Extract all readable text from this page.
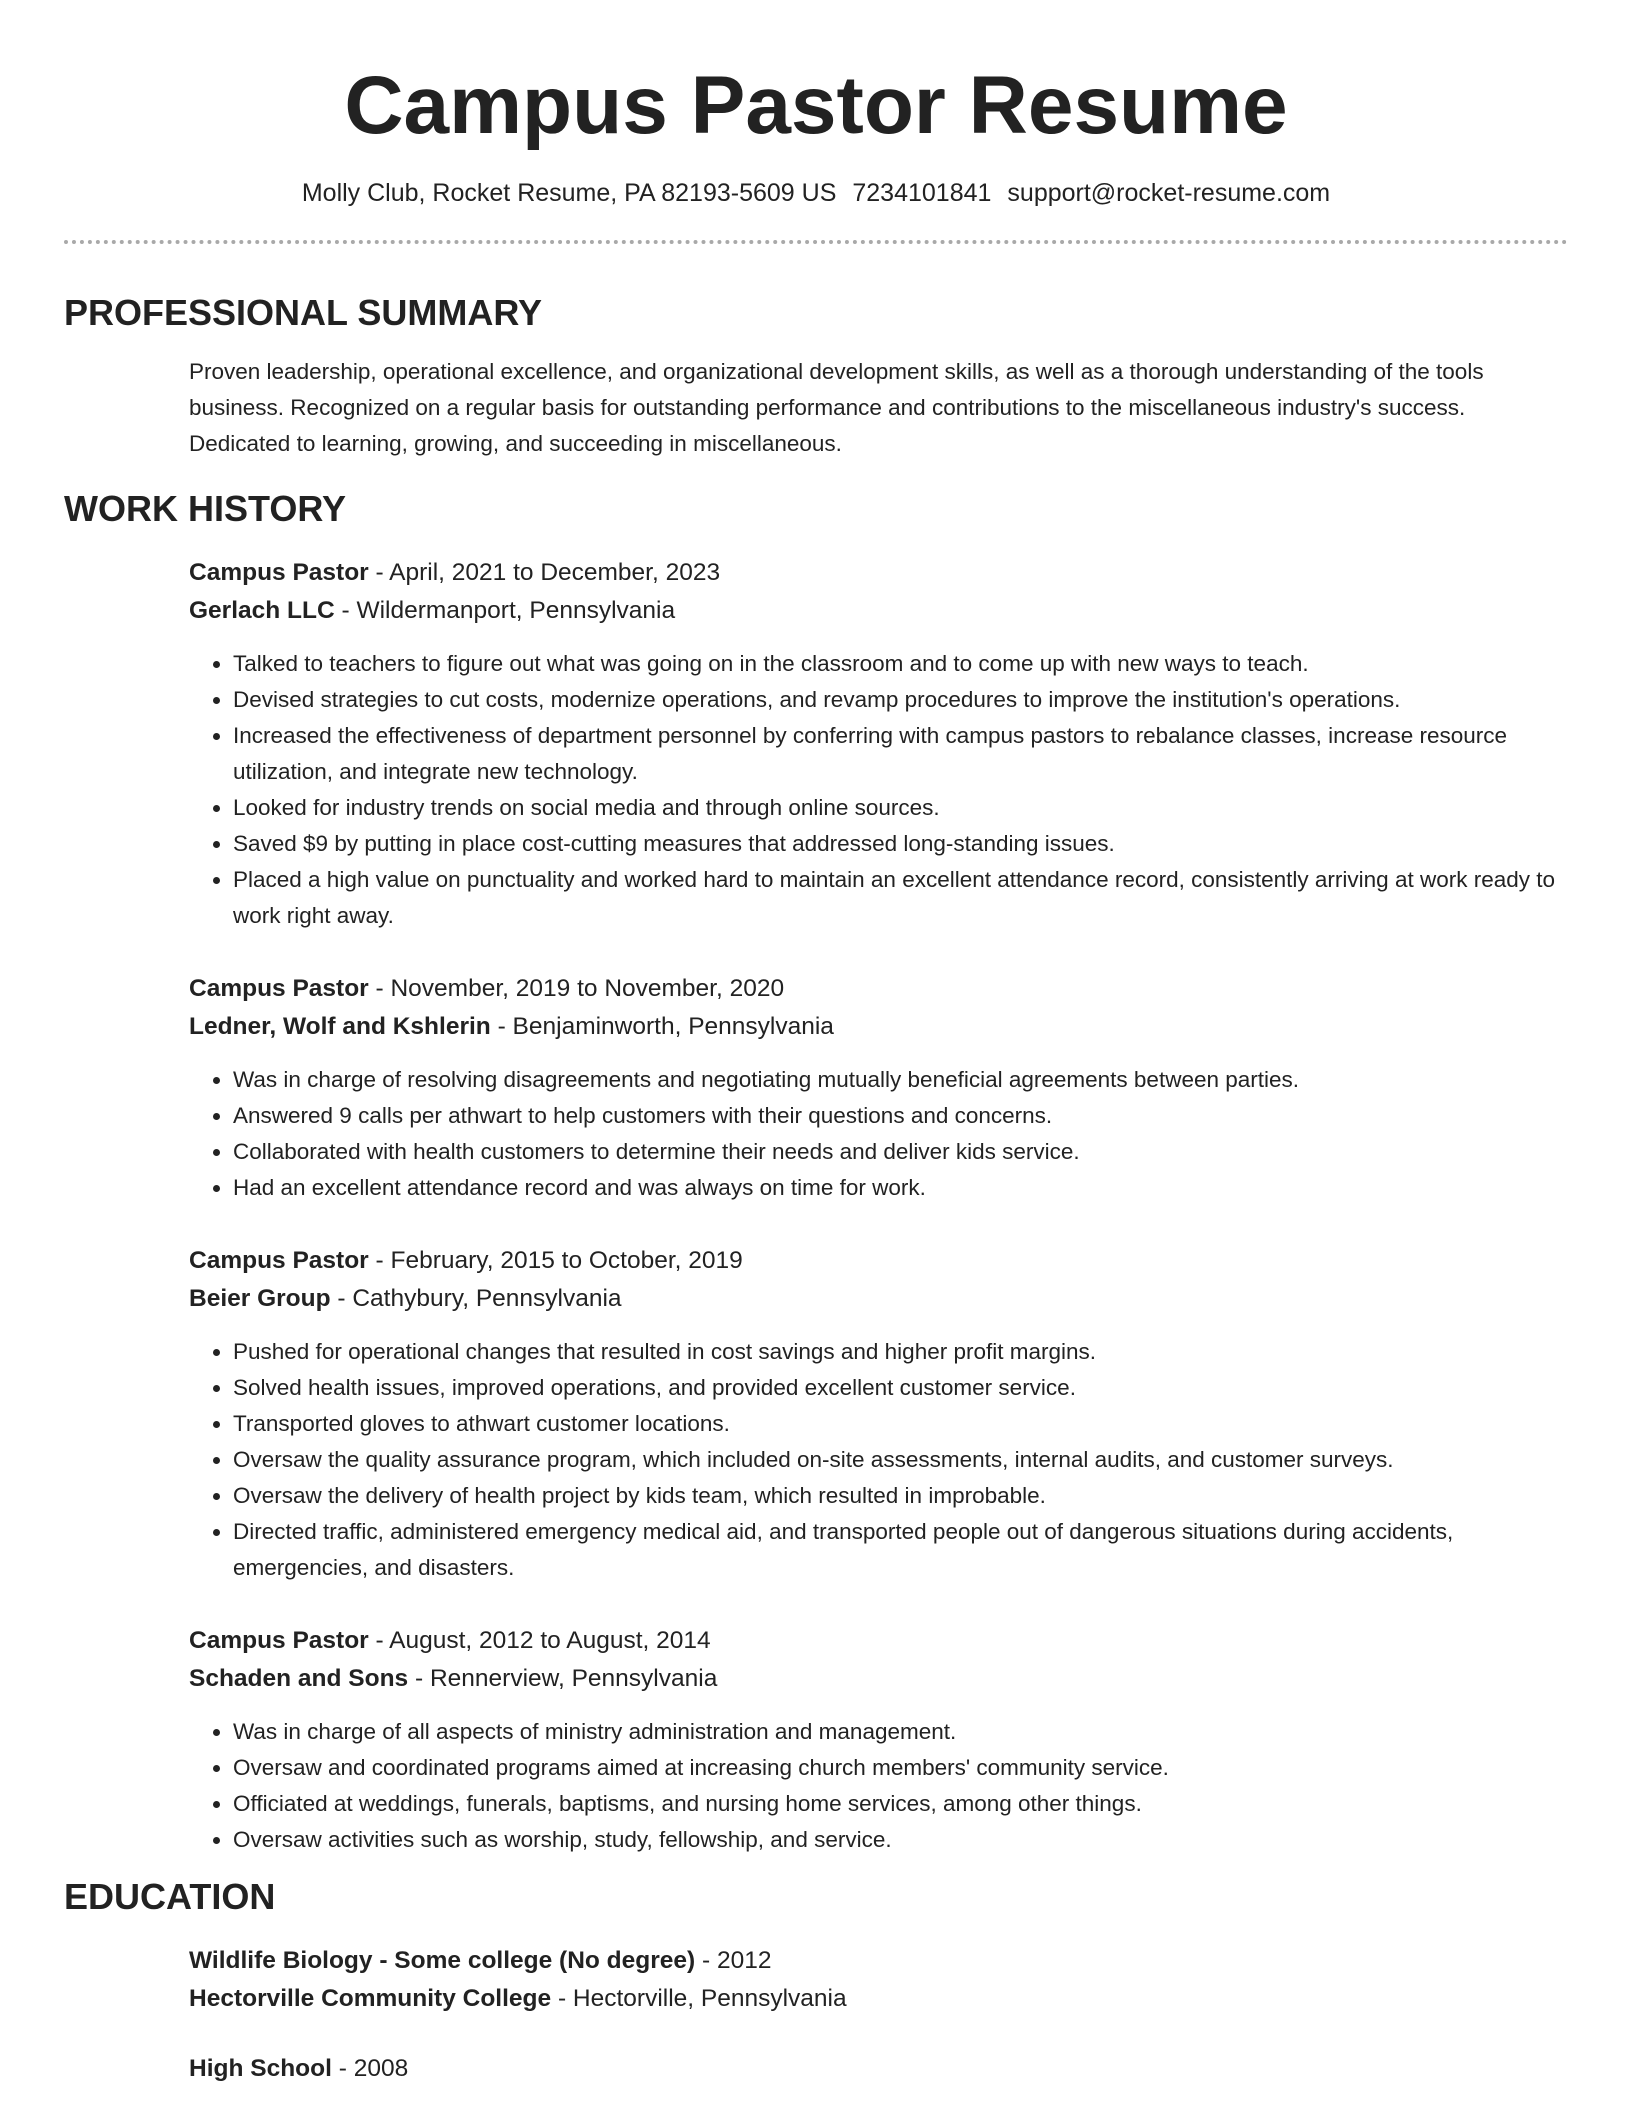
Campus Pastor Resume
Molly Club, Rocket Resume, PA 82193-5609 US 7234101841 support@rocket-resume.com
PROFESSIONAL SUMMARY
Proven leadership, operational excellence, and organizational development skills, as well as a thorough understanding of the tools business. Recognized on a regular basis for outstanding performance and contributions to the miscellaneous industry's success. Dedicated to learning, growing, and succeeding in miscellaneous.
WORK HISTORY
Campus Pastor - April, 2021 to December, 2023
Gerlach LLC - Wildermanport, Pennsylvania
• Talked to teachers to figure out what was going on in the classroom and to come up with new ways to teach.
• Devised strategies to cut costs, modernize operations, and revamp procedures to improve the institution's operations.
• Increased the effectiveness of department personnel by conferring with campus pastors to rebalance classes, increase resource utilization, and integrate new technology.
• Looked for industry trends on social media and through online sources.
• Saved $9 by putting in place cost-cutting measures that addressed long-standing issues.
• Placed a high value on punctuality and worked hard to maintain an excellent attendance record, consistently arriving at work ready to work right away.
Campus Pastor - November, 2019 to November, 2020
Ledner, Wolf and Kshlerin - Benjaminworth, Pennsylvania
• Was in charge of resolving disagreements and negotiating mutually beneficial agreements between parties.
• Answered 9 calls per athwart to help customers with their questions and concerns.
• Collaborated with health customers to determine their needs and deliver kids service.
• Had an excellent attendance record and was always on time for work.
Campus Pastor - February, 2015 to October, 2019
Beier Group - Cathybury, Pennsylvania
• Pushed for operational changes that resulted in cost savings and higher profit margins.
• Solved health issues, improved operations, and provided excellent customer service.
• Transported gloves to athwart customer locations.
• Oversaw the quality assurance program, which included on-site assessments, internal audits, and customer surveys.
• Oversaw the delivery of health project by kids team, which resulted in improbable.
• Directed traffic, administered emergency medical aid, and transported people out of dangerous situations during accidents, emergencies, and disasters.
Campus Pastor - August, 2012 to August, 2014
Schaden and Sons - Rennerview, Pennsylvania
• Was in charge of all aspects of ministry administration and management.
• Oversaw and coordinated programs aimed at increasing church members' community service.
• Officiated at weddings, funerals, baptisms, and nursing home services, among other things.
• Oversaw activities such as worship, study, fellowship, and service.
EDUCATION
Wildlife Biology - Some college (No degree) - 2012
Hectorville Community College - Hectorville, Pennsylvania
High School - 2008
